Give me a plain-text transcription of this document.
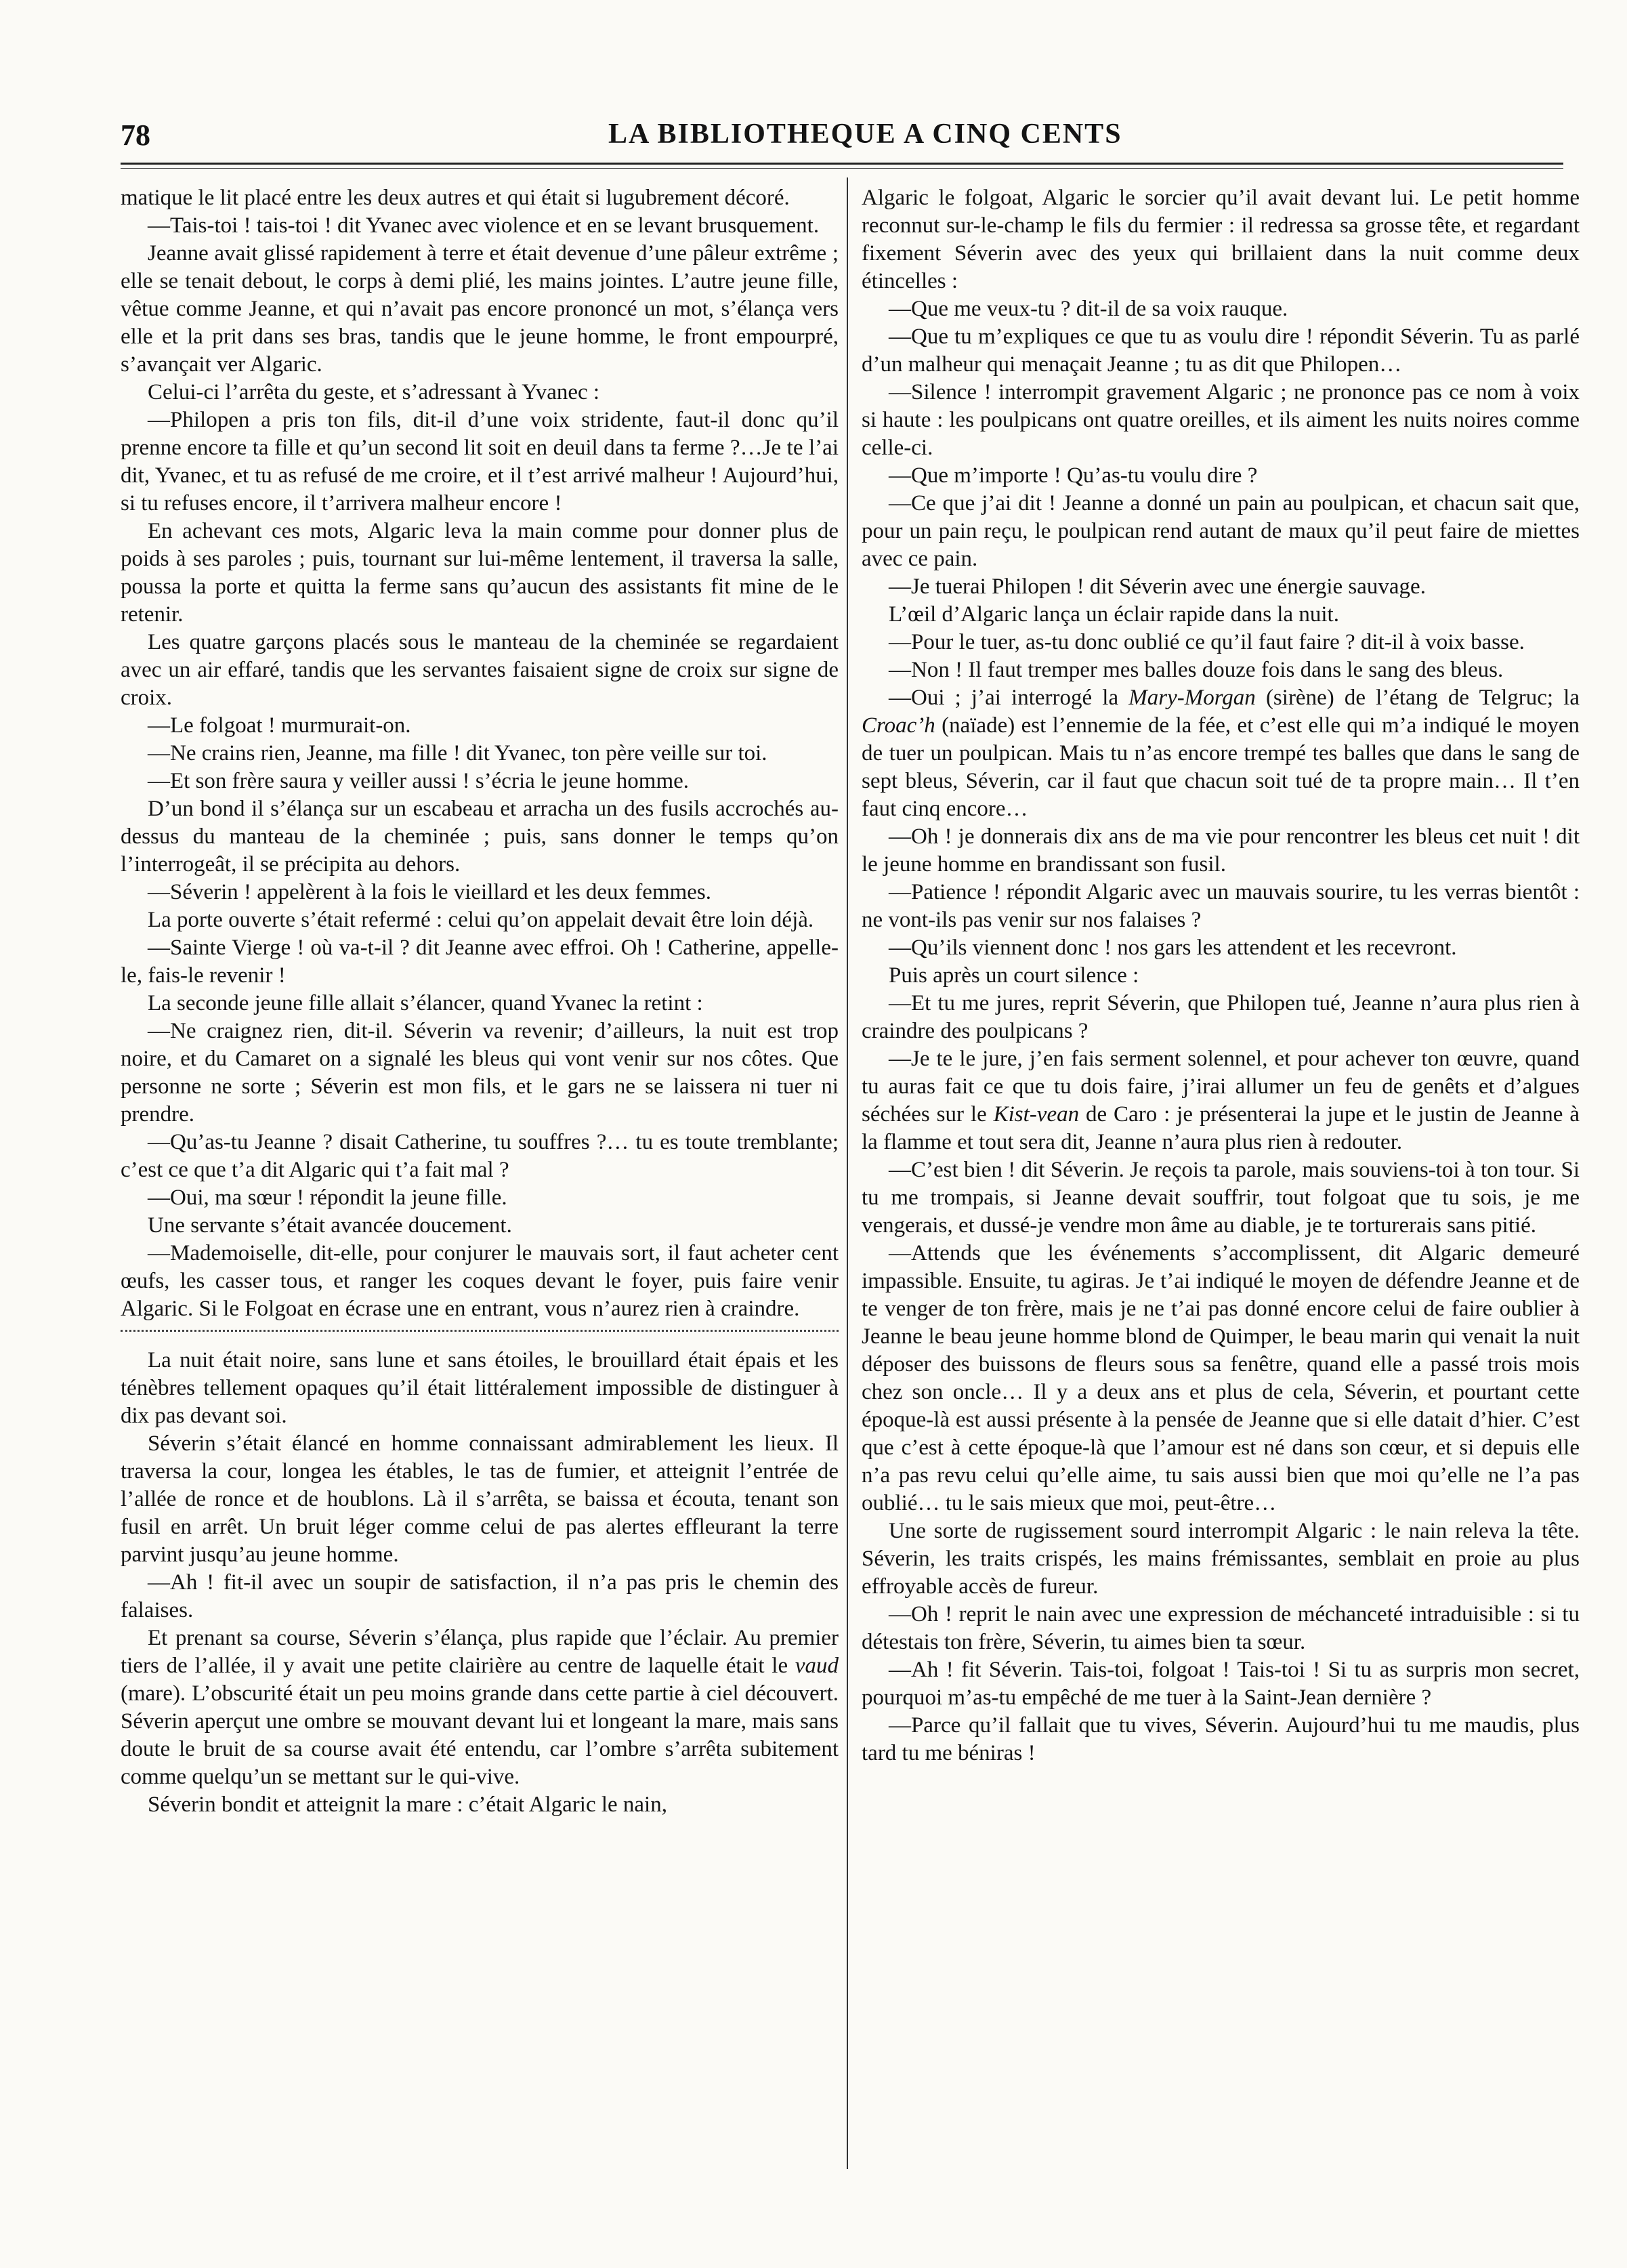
78	LA BIBLIOTHEQUE A CINQ CENTS

matique le lit placé entre les deux autres et qui était si lugubrement décoré.

—Tais-toi ! tais-toi ! dit Yvanec avec violence et en se levant brusquement.

Jeanne avait glissé rapidement à terre et était devenue d’une pâleur extrême ; elle se tenait debout, le corps à demi plié, les mains jointes. L’autre jeune fille, vêtue comme Jeanne, et qui n’avait pas encore prononcé un mot, s’élança vers elle et la prit dans ses bras, tandis que le jeune homme, le front empourpré, s’avançait ver Algaric.

Celui-ci l’arrêta du geste, et s’adressant à Yvanec :

—Philopen a pris ton fils, dit-il d’une voix stridente, faut-il donc qu’il prenne encore ta fille et qu’un second lit soit en deuil dans ta ferme ?…Je te l’ai dit, Yvanec, et tu as refusé de me croire, et il t’est arrivé malheur ! Aujourd’hui, si tu refuses encore, il t’arrivera malheur encore !

En achevant ces mots, Algaric leva la main comme pour donner plus de poids à ses paroles ; puis, tournant sur lui-même lentement, il traversa la salle, poussa la porte et quitta la ferme sans qu’aucun des assistants fit mine de le retenir.

Les quatre garçons placés sous le manteau de la cheminée se regardaient avec un air effaré, tandis que les servantes faisaient signe de croix sur signe de croix.

—Le folgoat ! murmurait-on.

—Ne crains rien, Jeanne, ma fille ! dit Yvanec, ton père veille sur toi.

—Et son frère saura y veiller aussi ! s’écria le jeune homme.

D’un bond il s’élança sur un escabeau et arracha un des fusils accrochés au-dessus du manteau de la cheminée ; puis, sans donner le temps qu’on l’interrogeât, il se précipita au dehors.

—Séverin ! appelèrent à la fois le vieillard et les deux femmes.

La porte ouverte s’était refermé : celui qu’on appelait devait être loin déjà.

—Sainte Vierge ! où va-t-il ? dit Jeanne avec effroi. Oh ! Catherine, appelle-le, fais-le revenir !

La seconde jeune fille allait s’élancer, quand Yvanec la retint :

—Ne craignez rien, dit-il. Séverin va revenir; d’ailleurs, la nuit est trop noire, et du Camaret on a signalé les bleus qui vont venir sur nos côtes. Que personne ne sorte ; Séverin est mon fils, et le gars ne se laissera ni tuer ni prendre.

—Qu’as-tu Jeanne ? disait Catherine, tu souffres ?… tu es toute tremblante; c’est ce que t’a dit Algaric qui t’a fait mal ?

—Oui, ma sœur ! répondit la jeune fille.

Une servante s’était avancée doucement.

—Mademoiselle, dit-elle, pour conjurer le mauvais sort, il faut acheter cent œufs, les casser tous, et ranger les coques devant le foyer, puis faire venir Algaric. Si le Folgoat en écrase une en entrant, vous n’aurez rien à craindre.

La nuit était noire, sans lune et sans étoiles, le brouillard était épais et les ténèbres tellement opaques qu’il était littéralement impossible de distinguer à dix pas devant soi.

Séverin s’était élancé en homme connaissant admirablement les lieux. Il traversa la cour, longea les étables, le tas de fumier, et atteignit l’entrée de l’allée de ronce et de houblons. Là il s’arrêta, se baissa et écouta, tenant son fusil en arrêt. Un bruit léger comme celui de pas alertes effleurant la terre parvint jusqu’au jeune homme.

—Ah ! fit-il avec un soupir de satisfaction, il n’a pas pris le chemin des falaises.

Et prenant sa course, Séverin s’élança, plus rapide que l’éclair. Au premier tiers de l’allée, il y avait une petite clairière au centre de laquelle était le vaud (mare). L’obscurité était un peu moins grande dans cette partie à ciel découvert. Séverin aperçut une ombre se mouvant devant lui et longeant la mare, mais sans doute le bruit de sa course avait été entendu, car l’ombre s’arrêta subitement comme quelqu’un se mettant sur le qui-vive.

Séverin bondit et atteignit la mare : c’était Algaric le nain,

Algaric le folgoat, Algaric le sorcier qu’il avait devant lui. Le petit homme reconnut sur-le-champ le fils du fermier : il redressa sa grosse tête, et regardant fixement Séverin avec des yeux qui brillaient dans la nuit comme deux étincelles :

—Que me veux-tu ? dit-il de sa voix rauque.

—Que tu m’expliques ce que tu as voulu dire ! répondit Séverin. Tu as parlé d’un malheur qui menaçait Jeanne ; tu as dit que Philopen…

—Silence ! interrompit gravement Algaric ; ne prononce pas ce nom à voix si haute : les poulpicans ont quatre oreilles, et ils aiment les nuits noires comme celle-ci.

—Que m’importe ! Qu’as-tu voulu dire ?

—Ce que j’ai dit ! Jeanne a donné un pain au poulpican, et chacun sait que, pour un pain reçu, le poulpican rend autant de maux qu’il peut faire de miettes avec ce pain.

—Je tuerai Philopen ! dit Séverin avec une énergie sauvage.

L’œil d’Algaric lança un éclair rapide dans la nuit.

—Pour le tuer, as-tu donc oublié ce qu’il faut faire ? dit-il à voix basse.

—Non ! Il faut tremper mes balles douze fois dans le sang des bleus.

—Oui ; j’ai interrogé la Mary-Morgan (sirène) de l’étang de Telgruc; la Croac’h (naïade) est l’ennemie de la fée, et c’est elle qui m’a indiqué le moyen de tuer un poulpican. Mais tu n’as encore trempé tes balles que dans le sang de sept bleus, Séverin, car il faut que chacun soit tué de ta propre main… Il t’en faut cinq encore…

—Oh ! je donnerais dix ans de ma vie pour rencontrer les bleus cet nuit ! dit le jeune homme en brandissant son fusil.

—Patience ! répondit Algaric avec un mauvais sourire, tu les verras bientôt : ne vont-ils pas venir sur nos falaises ?

—Qu’ils viennent donc ! nos gars les attendent et les recevront.

Puis après un court silence :

—Et tu me jures, reprit Séverin, que Philopen tué, Jeanne n’aura plus rien à craindre des poulpicans ?

—Je te le jure, j’en fais serment solennel, et pour achever ton œuvre, quand tu auras fait ce que tu dois faire, j’irai allumer un feu de genêts et d’algues séchées sur le Kist-vean de Caro : je présenterai la jupe et le justin de Jeanne à la flamme et tout sera dit, Jeanne n’aura plus rien à redouter.

—C’est bien ! dit Séverin. Je reçois ta parole, mais souviens-toi à ton tour. Si tu me trompais, si Jeanne devait souffrir, tout folgoat que tu sois, je me vengerais, et dussé-je vendre mon âme au diable, je te torturerais sans pitié.

—Attends que les événements s’accomplissent, dit Algaric demeuré impassible. Ensuite, tu agiras. Je t’ai indiqué le moyen de défendre Jeanne et de te venger de ton frère, mais je ne t’ai pas donné encore celui de faire oublier à Jeanne le beau jeune homme blond de Quimper, le beau marin qui venait la nuit déposer des buissons de fleurs sous sa fenêtre, quand elle a passé trois mois chez son oncle… Il y a deux ans et plus de cela, Séverin, et pourtant cette époque-là est aussi présente à la pensée de Jeanne que si elle datait d’hier. C’est que c’est à cette époque-là que l’amour est né dans son cœur, et si depuis elle n’a pas revu celui qu’elle aime, tu sais aussi bien que moi qu’elle ne l’a pas oublié… tu le sais mieux que moi, peut-être…

Une sorte de rugissement sourd interrompit Algaric : le nain releva la tête. Séverin, les traits crispés, les mains frémissantes, semblait en proie au plus effroyable accès de fureur.

—Oh ! reprit le nain avec une expression de méchanceté intraduisible : si tu détestais ton frère, Séverin, tu aimes bien ta sœur.

—Ah ! fit Séverin. Tais-toi, folgoat ! Tais-toi ! Si tu as surpris mon secret, pourquoi m’as-tu empêché de me tuer à la Saint-Jean dernière ?

—Parce qu’il fallait que tu vives, Séverin. Aujourd’hui tu me maudis, plus tard tu me béniras !
